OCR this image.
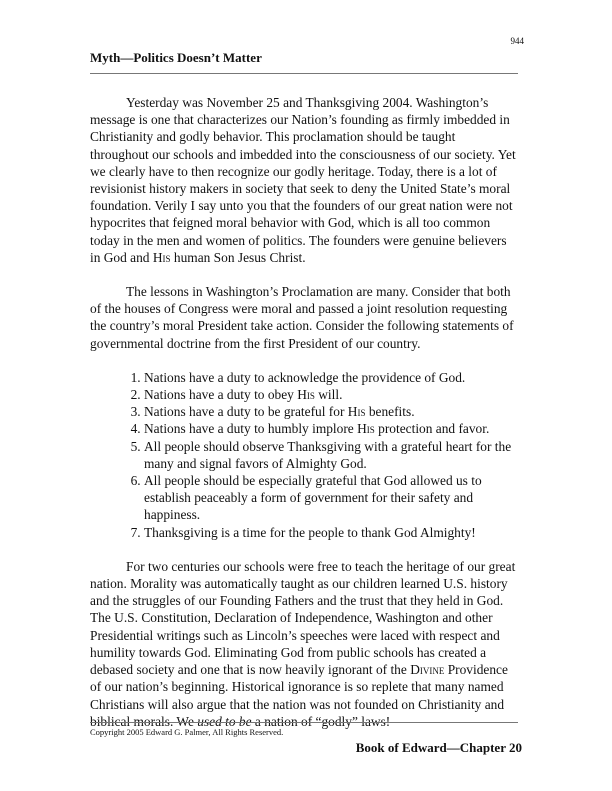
944
Myth—Politics Doesn’t Matter

Yesterday was November 25 and Thanksgiving 2004. Washington’s message is one that characterizes our Nation’s founding as firmly imbedded in Christianity and godly behavior. This proclamation should be taught throughout our schools and imbedded into the consciousness of our society. Yet we clearly have to then recognize our godly heritage. Today, there is a lot of revisionist history makers in society that seek to deny the United State’s moral foundation. Verily I say unto you that the founders of our great nation were not hypocrites that feigned moral behavior with God, which is all too common today in the men and women of politics. The founders were genuine believers in God and His human Son Jesus Christ.

The lessons in Washington’s Proclamation are many. Consider that both of the houses of Congress were moral and passed a joint resolution requesting the country’s moral President take action. Consider the following statements of governmental doctrine from the first President of our country.

1. Nations have a duty to acknowledge the providence of God.
2. Nations have a duty to obey His will.
3. Nations have a duty to be grateful for His benefits.
4. Nations have a duty to humbly implore His protection and favor.
5. All people should observe Thanksgiving with a grateful heart for the many and signal favors of Almighty God.
6. All people should be especially grateful that God allowed us to establish peaceably a form of government for their safety and happiness.
7. Thanksgiving is a time for the people to thank God Almighty!

For two centuries our schools were free to teach the heritage of our great nation. Morality was automatically taught as our children learned U.S. history and the struggles of our Founding Fathers and the trust that they held in God. The U.S. Constitution, Declaration of Independence, Washington and other Presidential writings such as Lincoln’s speeches were laced with respect and humility towards God. Eliminating God from public schools has created a debased society and one that is now heavily ignorant of the Divine Providence of our nation’s beginning. Historical ignorance is so replete that many named Christians will also argue that the nation was not founded on Christianity and biblical morals. We used to be a nation of “godly” laws!

Copyright 2005 Edward G. Palmer, All Rights Reserved.
Book of Edward—Chapter 20
